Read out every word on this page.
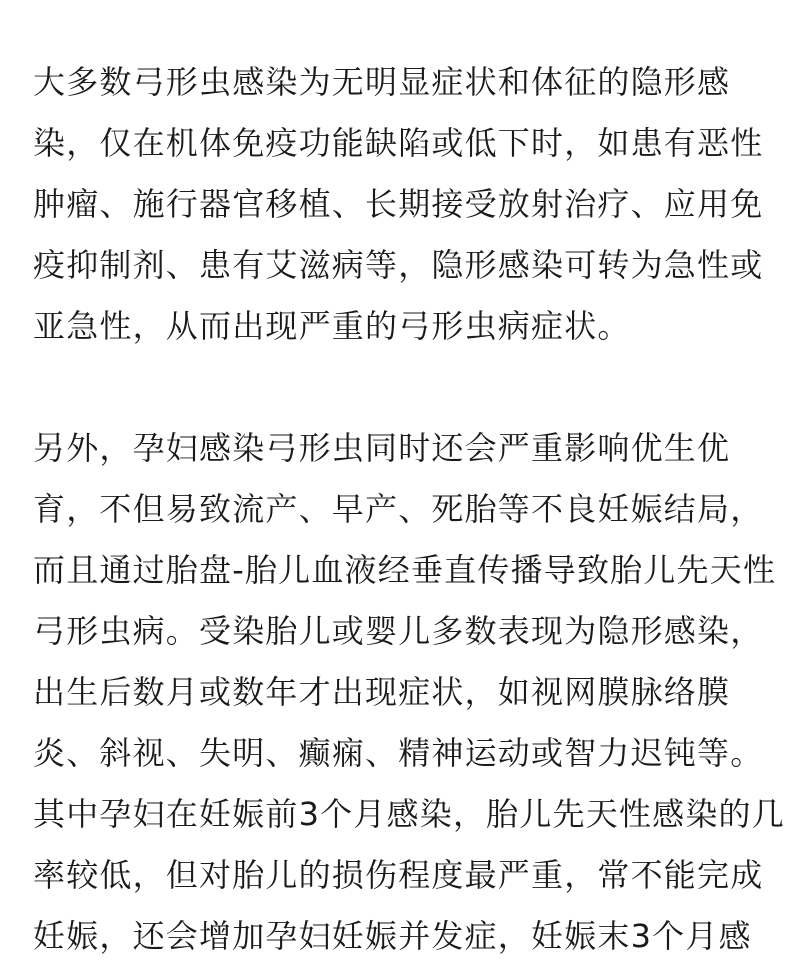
大多数弓形虫感染为无明显症状和体征的隐形感
染，仅在机体免疫功能缺陷或低下时，如患有恶性
肿瘤、施行器官移植、长期接受放射治疗、应用免
疫抑制剂、患有艾滋病等，隐形感染可转为急性或
亚急性，从而出现严重的弓形虫病症状。

另外，孕妇感染弓形虫同时还会严重影响优生优
育，不但易致流产、早产、死胎等不良妊娠结局，
而且通过胎盘-胎儿血液经垂直传播导致胎儿先天性
弓形虫病。受染胎儿或婴儿多数表现为隐形感染，
出生后数月或数年才出现症状，如视网膜脉络膜
炎、斜视、失明、癫痫、精神运动或智力迟钝等。
其中孕妇在妊娠前3个月感染，胎儿先天性感染的几
率较低，但对胎儿的损伤程度最严重，常不能完成
妊娠，还会增加孕妇妊娠并发症，妊娠末3个月感
